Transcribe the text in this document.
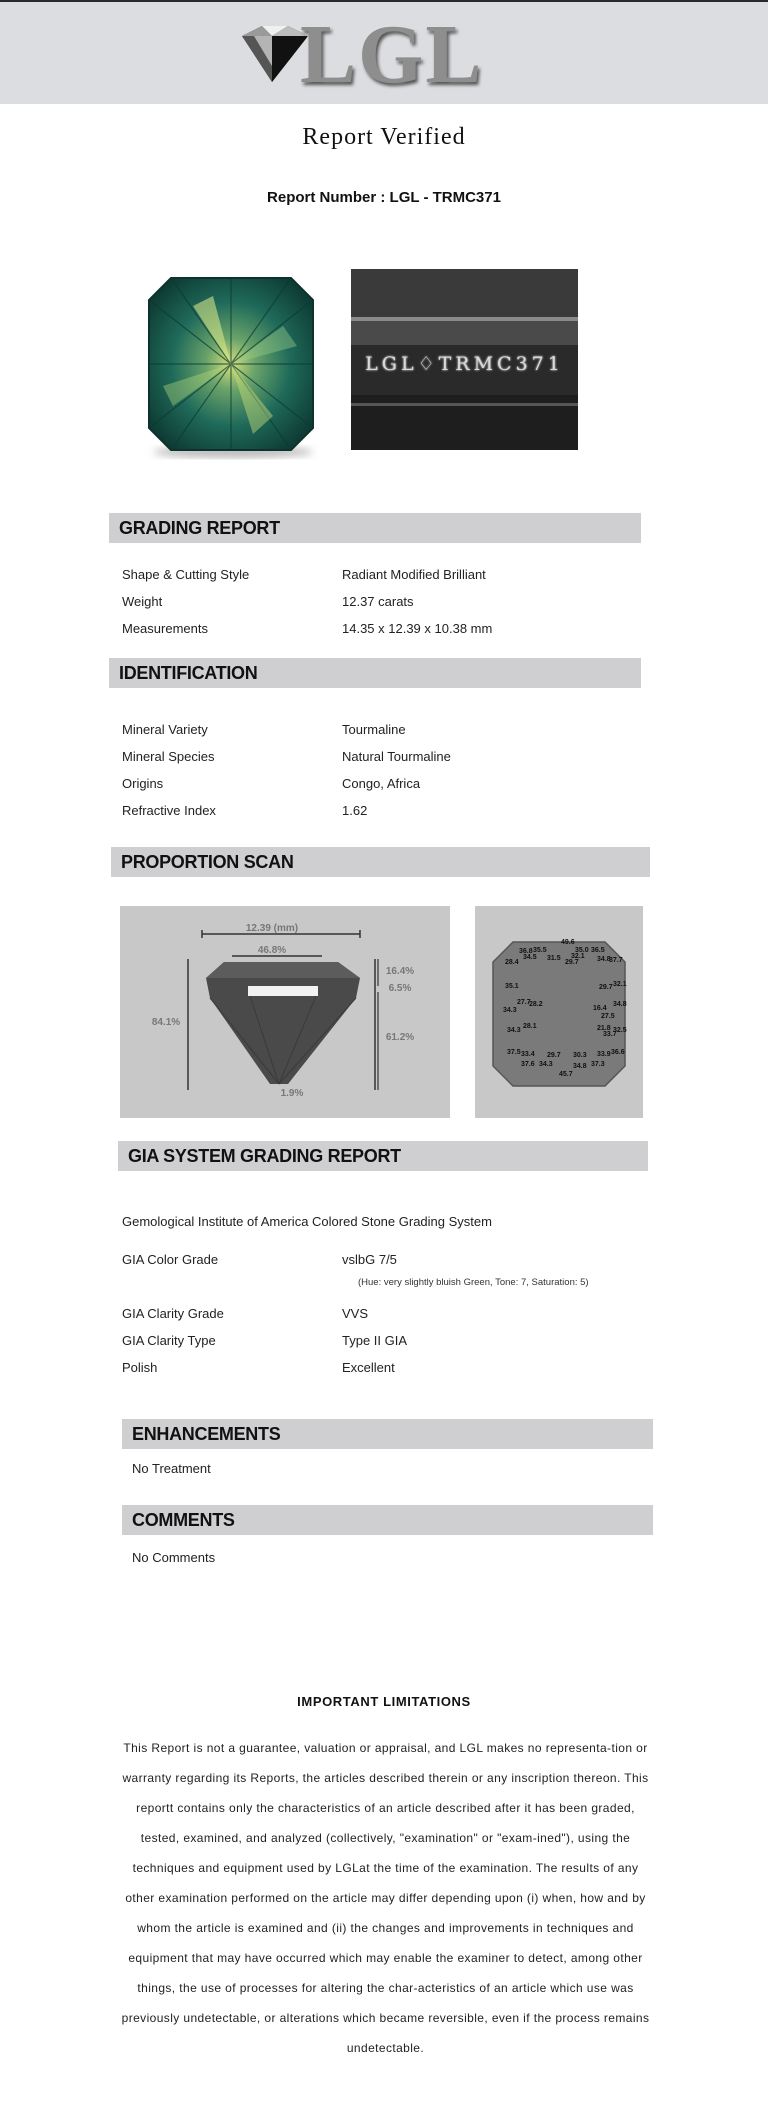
LGL
Report Verified
Report Number : LGL - TRMC371
LGL♢TRMC371
GRADING REPORT
Shape & Cutting Style	Radiant Modified Brilliant
Weight	12.37 carats
Measurements	14.35 x 12.39 x 10.38 mm
IDENTIFICATION
Mineral Variety	Tourmaline
Mineral Species	Natural Tourmaline
Origins	Congo, Africa
Refractive Index	1.62
PROPORTION SCAN
12.39 (mm)
46.8%
84.1%
16.4%
6.5%
61.2%
1.9%
49.6
36.8 35.5	35.0 36.5
34.5 31.5 32.1
29.7	34.8
37.7
28.4
35.1	29.7 32.1
27.7
28.2
34.3	16.4
34.8
27.5
28.1	21.8 32.5
34.3
33.7
37.5 33.4 29.7 30.3 33.9 36.6
37.6 34.3	34.8 37.3
45.7
GIA SYSTEM GRADING REPORT
Gemological Institute of America Colored Stone Grading System
GIA Color Grade	vslbG 7/5
(Hue: very slightly bluish Green, Tone: 7, Saturation: 5)
GIA Clarity Grade	VVS
GIA Clarity Type	Type II GIA
Polish	Excellent
ENHANCEMENTS
No Treatment
COMMENTS
No Comments
IMPORTANT LIMITATIONS
This Report is not a guarantee, valuation or appraisal, and LGL makes no representa-tion or warranty regarding its Reports, the articles described therein or any inscription thereon. This reportt contains only the characteristics of an article described after it has been graded, tested, examined, and analyzed (collectively, "examination" or "exam-ined"), using the techniques and equipment used by LGLat the time of the examination. The results of any other examination performed on the article may differ depending upon (i) when, how and by whom the article is examined and (ii) the changes and improvements in techniques and equipment that may have occurred which may enable the examiner to detect, among other things, the use of processes for altering the char-acteristics of an article which use was previously undetectable, or alterations which became reversible, even if the process remains undetectable.
